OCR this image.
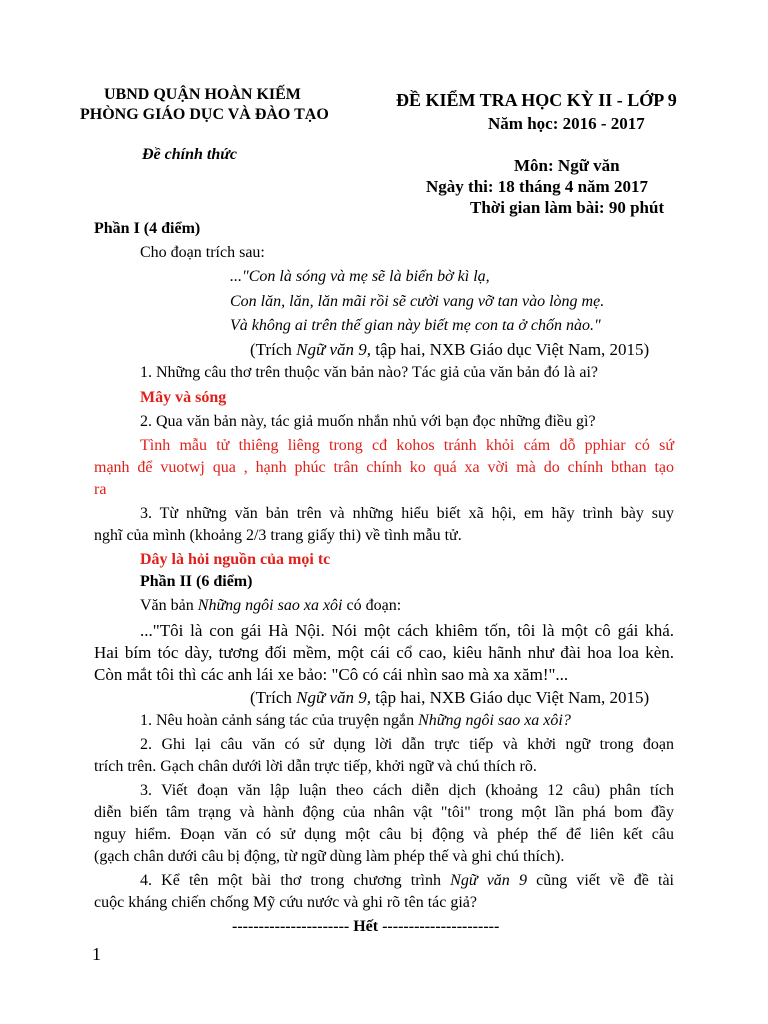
UBND QUẬN HOÀN KIẾM
PHÒNG GIÁO DỤC VÀ ĐÀO TẠO
Đề chính thức
ĐỀ KIỂM TRA HỌC KỲ II - LỚP 9
Năm học: 2016 - 2017
Môn: Ngữ văn
Ngày thi: 18 tháng 4 năm 2017
Thời gian làm bài: 90 phút
Phần I (4 điểm)
Cho đoạn trích sau:
..."Con là sóng và mẹ sẽ là biển bờ kì lạ,
Con lăn, lăn, lăn mãi rồi sẽ cười vang vỡ tan vào lòng mẹ.
Và không ai trên thế gian này biết mẹ con ta ở chốn nào."
(Trích Ngữ văn 9, tập hai, NXB Giáo dục Việt Nam, 2015)
1. Những câu thơ trên thuộc văn bản nào? Tác giả của văn bản đó là ai?
Mây và sóng
2. Qua văn bản này, tác giả muốn nhắn nhủ với bạn đọc những điều gì?
Tình mẫu tử thiêng liêng trong cđ kohos tránh khỏi cám dỗ pphiar có sứ
mạnh để vuotwj qua , hạnh phúc trân chính ko quá xa vời mà do chính bthan tạo
ra
3. Từ những văn bản trên và những hiểu biết xã hội, em hãy trình bày suy
nghĩ của mình (khoảng 2/3 trang giấy thi) về tình mẫu tử.
Dây là hỏi nguồn của mọi tc
Phần II (6 điểm)
Văn bản Những ngôi sao xa xôi có đoạn:
..."Tôi là con gái Hà Nội. Nói một cách khiêm tốn, tôi là một cô gái khá.
Hai bím tóc dày, tương đối mềm, một cái cổ cao, kiêu hãnh như đài hoa loa kèn.
Còn mắt tôi thì các anh lái xe bảo: "Cô có cái nhìn sao mà xa xăm!"...
(Trích Ngữ văn 9, tập hai, NXB Giáo dục Việt Nam, 2015)
1. Nêu hoàn cảnh sáng tác của truyện ngắn Những ngôi sao xa xôi?
2. Ghi lại câu văn có sử dụng lời dẫn trực tiếp và khởi ngữ trong đoạn
trích trên. Gạch chân dưới lời dẫn trực tiếp, khởi ngữ và chú thích rõ.
3. Viết đoạn văn lập luận theo cách diễn dịch (khoảng 12 câu) phân tích
diễn biến tâm trạng và hành động của nhân vật "tôi" trong một lần phá bom đầy
nguy hiểm. Đoạn văn có sử dụng một câu bị động và phép thế để liên kết câu
(gạch chân dưới câu bị động, từ ngữ dùng làm phép thế và ghi chú thích).
4. Kể tên một bài thơ trong chương trình Ngữ văn 9 cũng viết về đề tài
cuộc kháng chiến chống Mỹ cứu nước và ghi rõ tên tác giả?
---------------------- Hết ----------------------
1
